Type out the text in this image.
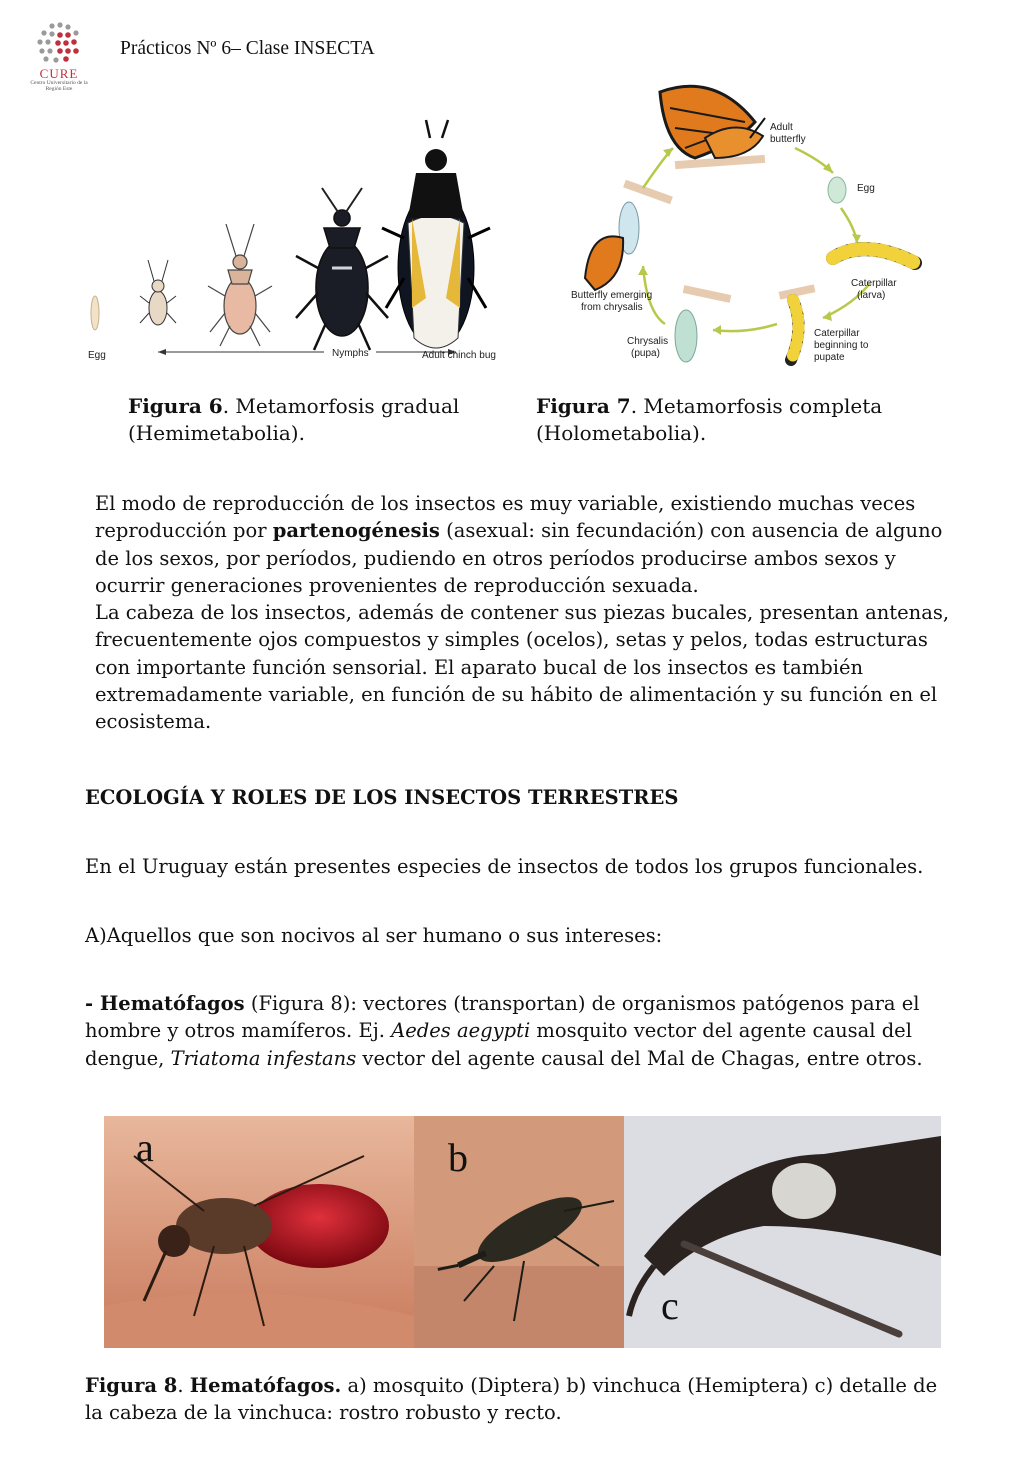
CURE
Centro Universitario de la Región Este
Prácticos Nº 6– Clase INSECTA
Egg	Nymphs	Adult chinch bug
Adult
butterfly
Egg
Caterpillar
(larva)
Caterpillar
beginning to
pupate
Chrysalis
(pupa)
Butterfly emerging
from chrysalis
Figura 6. Metamorfosis gradual
(Hemimetabolia).
Figura 7. Metamorfosis completa
(Holometabolia).
El modo de reproducción de los insectos es muy variable, existiendo muchas veces reproducción por partenogénesis (asexual: sin fecundación) con ausencia de alguno de los sexos, por períodos, pudiendo en otros períodos producirse ambos sexos y ocurrir generaciones provenientes de reproducción sexuada.
La cabeza de los insectos, además de contener sus piezas bucales, presentan antenas, frecuentemente ojos compuestos y simples (ocelos), setas y pelos, todas estructuras con importante función sensorial. El aparato bucal de los insectos es también extremadamente variable, en función de su hábito de alimentación y su función en el ecosistema.
ECOLOGÍA Y ROLES DE LOS INSECTOS TERRESTRES
En el Uruguay están presentes especies de insectos de todos los grupos funcionales.
A)Aquellos que son nocivos al ser humano o sus intereses:
- Hematófagos (Figura 8): vectores (transportan) de organismos patógenos para el hombre y otros mamíferos. Ej. Aedes aegypti mosquito vector del agente causal del dengue, Triatoma infestans vector del agente causal del Mal de Chagas, entre otros.
a	b
c
Figura 8. Hematófagos. a) mosquito (Diptera) b) vinchuca (Hemiptera) c) detalle de la cabeza de la vinchuca: rostro robusto y recto.
